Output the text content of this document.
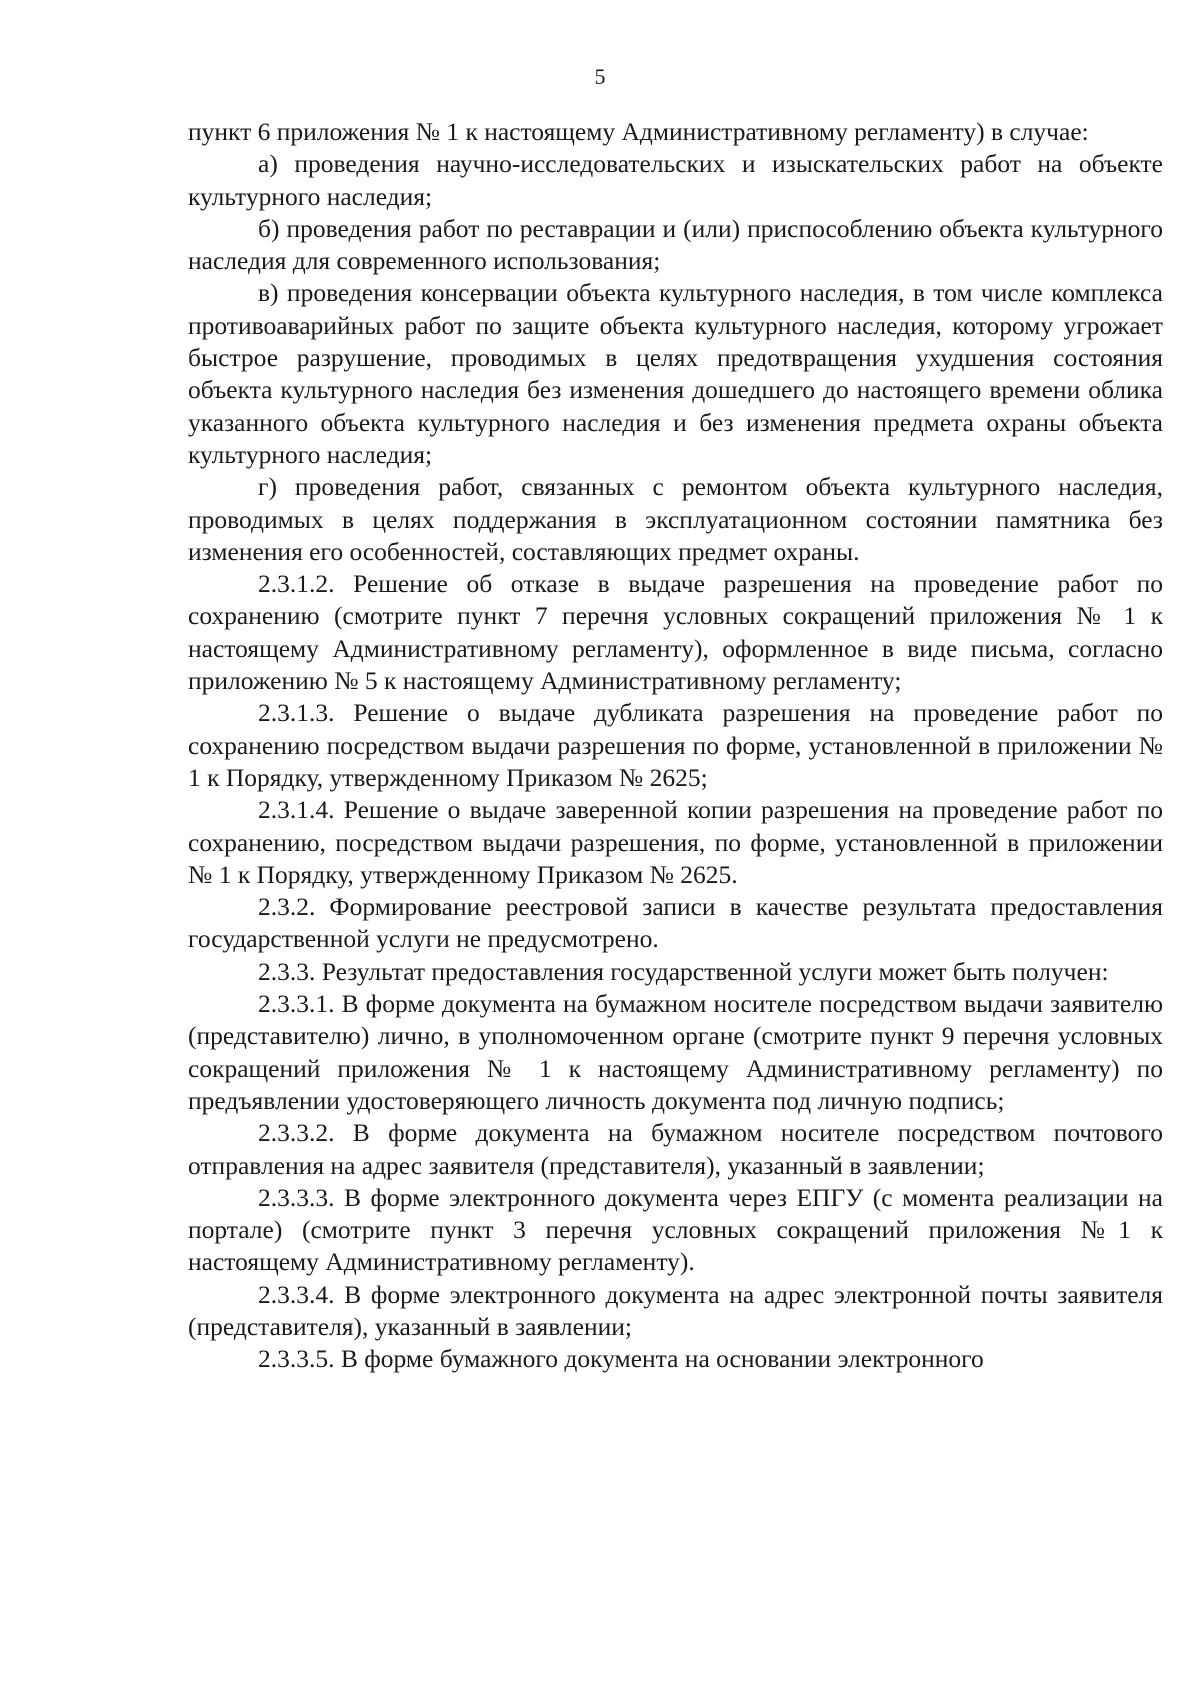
5

пункт 6 приложения № 1 к настоящему Административному регламенту) в случае:

а) проведения научно-исследовательских и изыскательских работ на объекте культурного наследия;

б) проведения работ по реставрации и (или) приспособлению объекта культурного наследия для современного использования;

в) проведения консервации объекта культурного наследия, в том числе комплекса противоаварийных работ по защите объекта культурного наследия, которому угрожает быстрое разрушение, проводимых в целях предотвращения ухудшения состояния объекта культурного наследия без изменения дошедшего до настоящего времени облика указанного объекта культурного наследия и без изменения предмета охраны объекта культурного наследия;

г) проведения работ, связанных с ремонтом объекта культурного наследия, проводимых в целях поддержания в эксплуатационном состоянии памятника без изменения его особенностей, составляющих предмет охраны.

2.3.1.2. Решение об отказе в выдаче разрешения на проведение работ по сохранению (смотрите пункт 7 перечня условных сокращений приложения № 1 к настоящему Административному регламенту), оформленное в виде письма, согласно приложению № 5 к настоящему Административному регламенту;

2.3.1.3. Решение о выдаче дубликата разрешения на проведение работ по сохранению посредством выдачи разрешения по форме, установленной в приложении № 1 к Порядку, утвержденному Приказом № 2625;

2.3.1.4. Решение о выдаче заверенной копии разрешения на проведение работ по сохранению, посредством выдачи разрешения, по форме, установленной в приложении № 1 к Порядку, утвержденному Приказом № 2625.

2.3.2. Формирование реестровой записи в качестве результата предоставления государственной услуги не предусмотрено.

2.3.3. Результат предоставления государственной услуги может быть получен:

2.3.3.1. В форме документа на бумажном носителе посредством выдачи заявителю (представителю) лично, в уполномоченном органе (смотрите пункт 9 перечня условных сокращений приложения № 1 к настоящему Административному регламенту) по предъявлении удостоверяющего личность документа под личную подпись;

2.3.3.2. В форме документа на бумажном носителе посредством почтового отправления на адрес заявителя (представителя), указанный в заявлении;

2.3.3.3. В форме электронного документа через ЕПГУ (с момента реализации на портале) (смотрите пункт 3 перечня условных сокращений приложения №1 к настоящему Административному регламенту).

2.3.3.4. В форме электронного документа на адрес электронной почты заявителя (представителя), указанный в заявлении;

2.3.3.5. В форме бумажного документа на основании электронного
